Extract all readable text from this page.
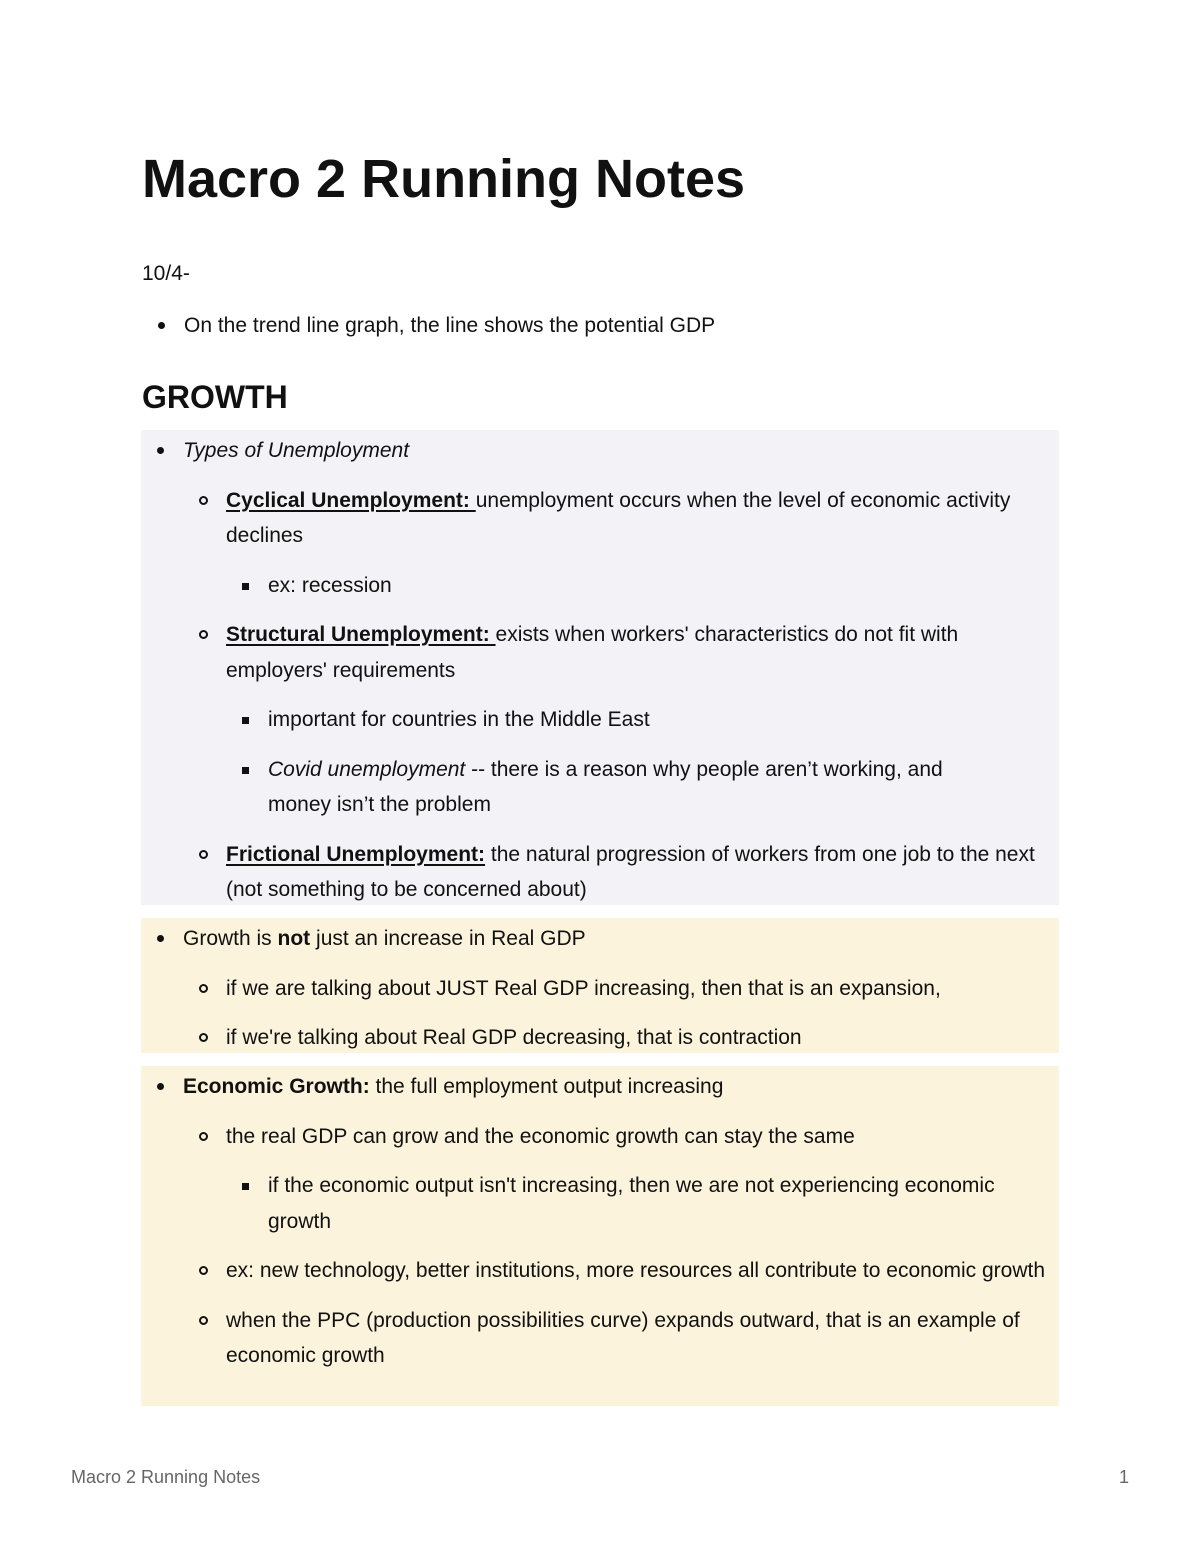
Macro 2 Running Notes

10/4-

On the trend line graph, the line shows the potential GDP
GROWTH
Types of Unemployment
Cyclical Unemployment: unemployment occurs when the level of economic activity declines
ex: recession
Structural Unemployment: exists when workers' characteristics do not fit with employers' requirements
important for countries in the Middle East
Covid unemployment -- there is a reason why people aren’t working, and money isn’t the problem
Frictional Unemployment: the natural progression of workers from one job to the next (not something to be concerned about)
Growth is not just an increase in Real GDP
if we are talking about JUST Real GDP increasing, then that is an expansion,
if we're talking about Real GDP decreasing, that is contraction
Economic Growth: the full employment output increasing
the real GDP can grow and the economic growth can stay the same
if the economic output isn't increasing, then we are not experiencing economic growth
ex: new technology, better institutions, more resources all contribute to economic growth
when the PPC (production possibilities curve) expands outward, that is an example of economic growth

Macro 2 Running Notes	1
